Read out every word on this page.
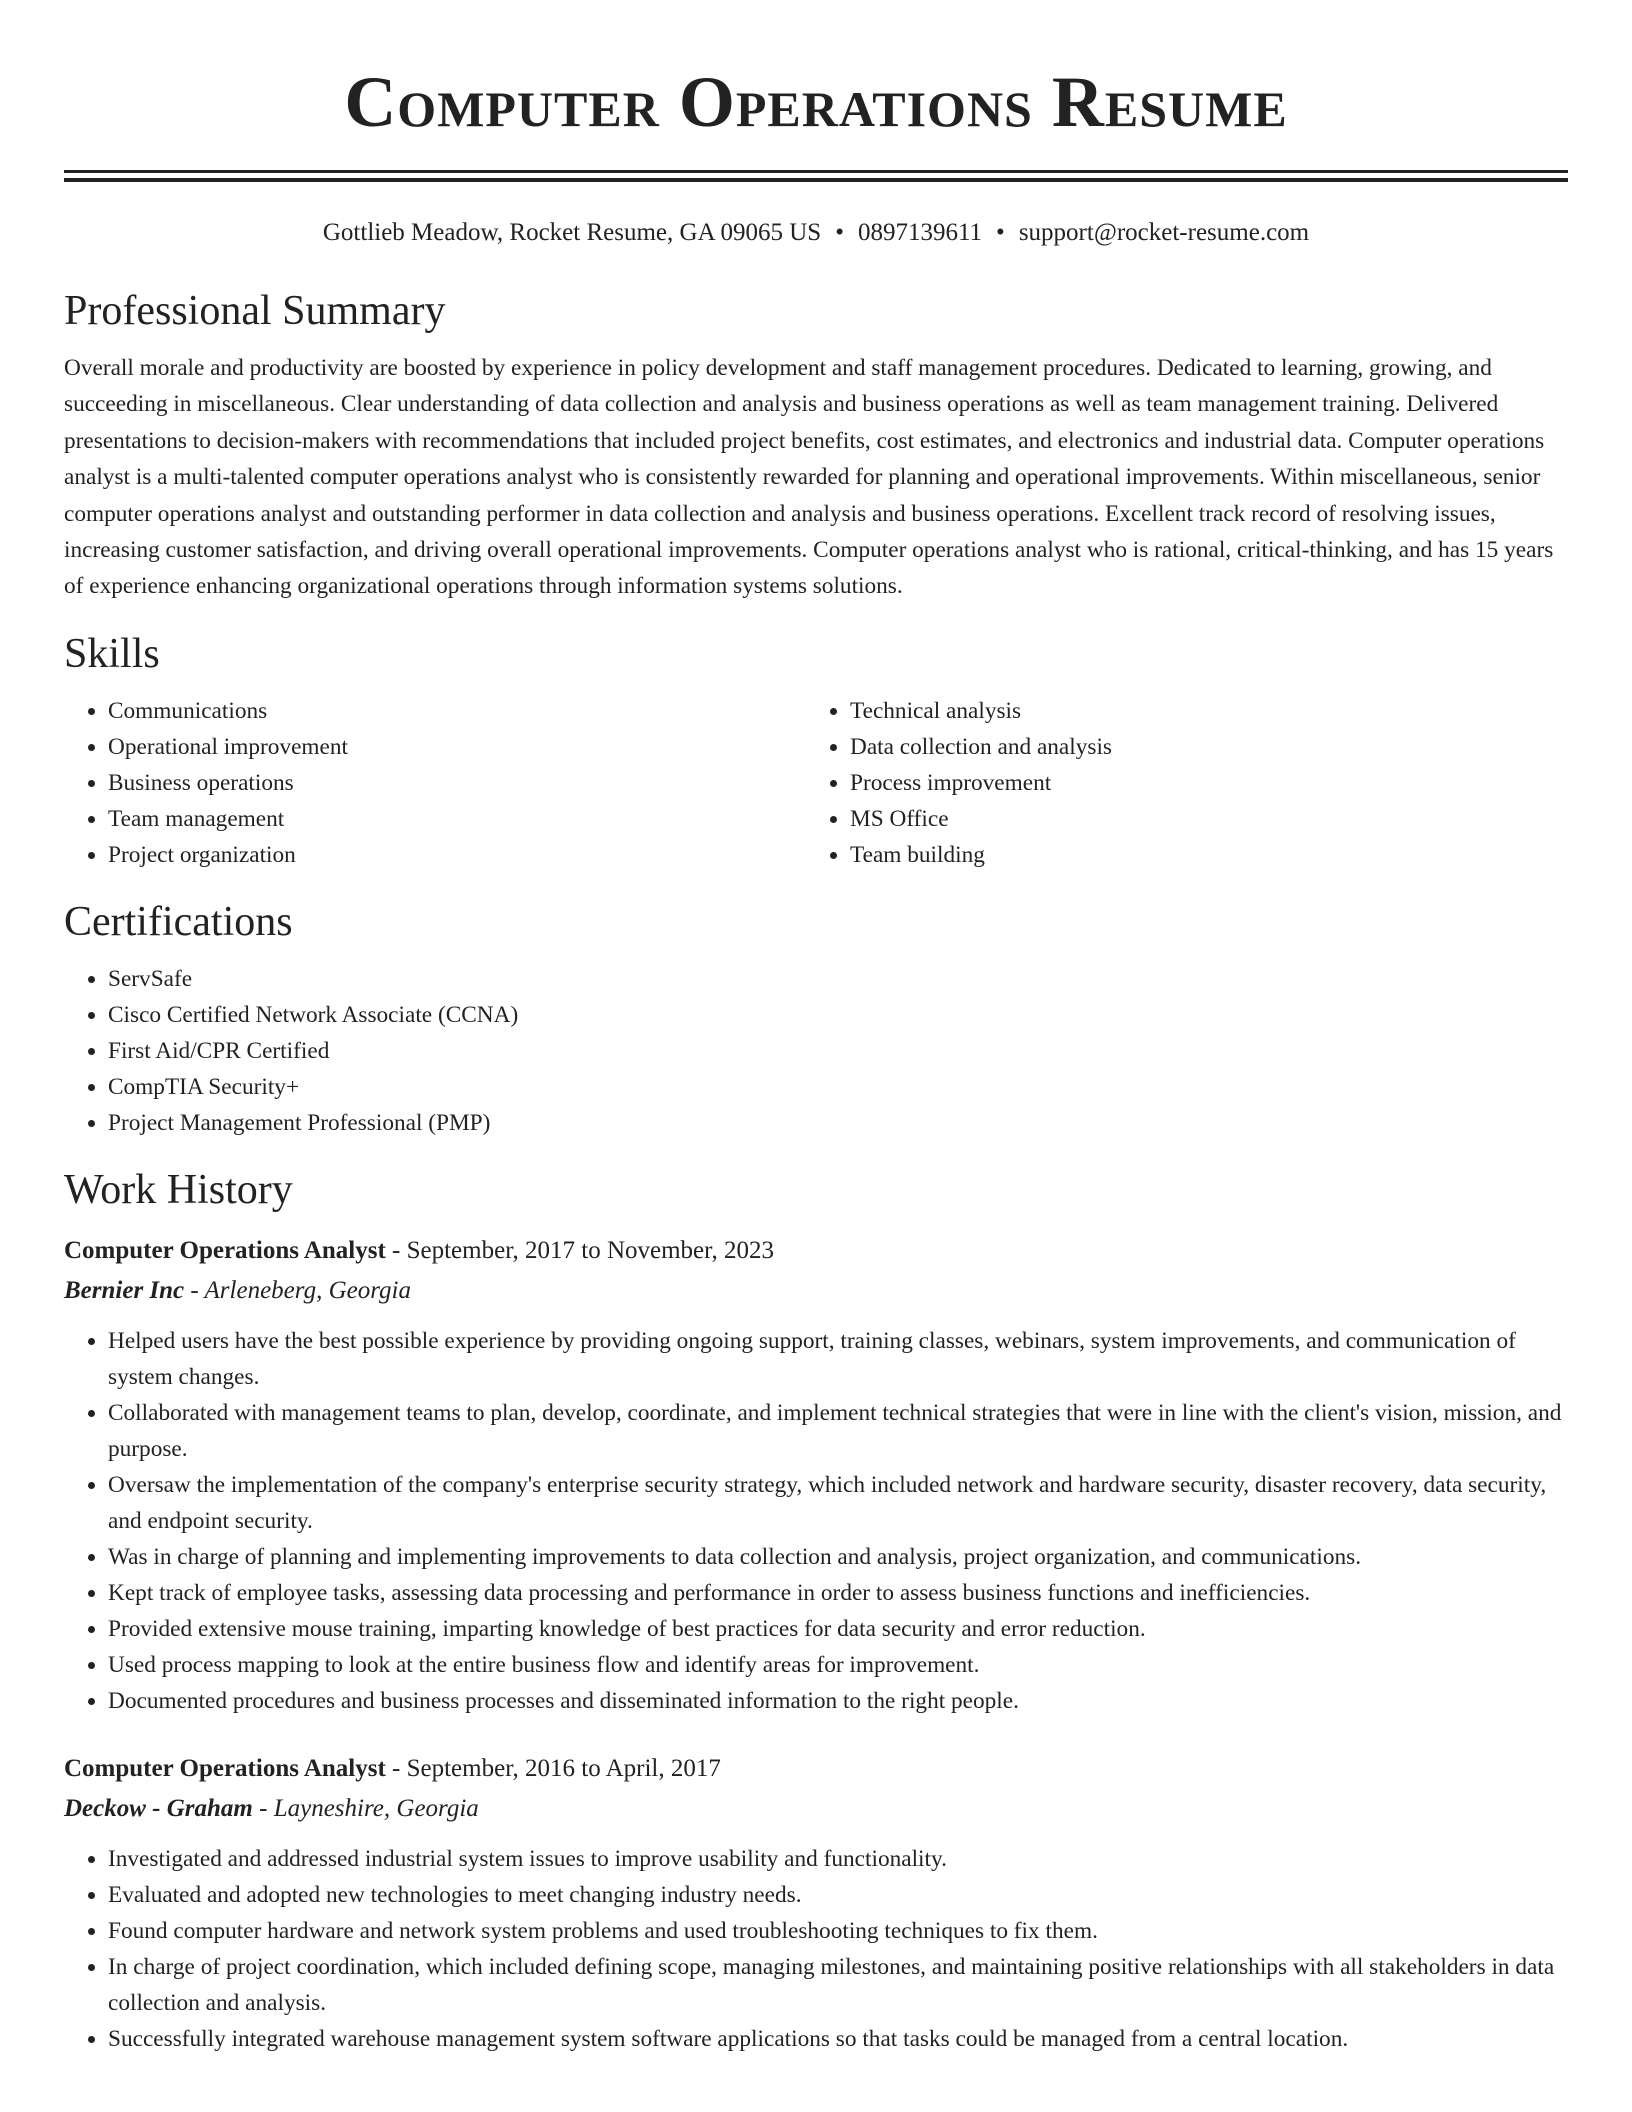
Computer Operations Resume
Gottlieb Meadow, Rocket Resume, GA 09065 US • 0897139611 • support@rocket-resume.com
Professional Summary

Overall morale and productivity are boosted by experience in policy development and staff management procedures. Dedicated to learning, growing, and succeeding in miscellaneous. Clear understanding of data collection and analysis and business operations as well as team management training. Delivered presentations to decision-makers with recommendations that included project benefits, cost estimates, and electronics and industrial data. Computer operations analyst is a multi-talented computer operations analyst who is consistently rewarded for planning and operational improvements. Within miscellaneous, senior computer operations analyst and outstanding performer in data collection and analysis and business operations. Excellent track record of resolving issues, increasing customer satisfaction, and driving overall operational improvements. Computer operations analyst who is rational, critical-thinking, and has 15 years of experience enhancing organizational operations through information systems solutions.

Skills
• Communications
• Operational improvement
• Business operations
• Team management
• Project organization
• Technical analysis
• Data collection and analysis
• Process improvement
• MS Office
• Team building
Certifications
• ServSafe
• Cisco Certified Network Associate (CCNA)
• First Aid/CPR Certified
• CompTIA Security+
• Project Management Professional (PMP)
Work History
Computer Operations Analyst - September, 2017 to November, 2023
Bernier Inc - Arleneberg, Georgia
• Helped users have the best possible experience by providing ongoing support, training classes, webinars, system improvements, and communication of system changes.
• Collaborated with management teams to plan, develop, coordinate, and implement technical strategies that were in line with the client's vision, mission, and purpose.
• Oversaw the implementation of the company's enterprise security strategy, which included network and hardware security, disaster recovery, data security, and endpoint security.
• Was in charge of planning and implementing improvements to data collection and analysis, project organization, and communications.
• Kept track of employee tasks, assessing data processing and performance in order to assess business functions and inefficiencies.
• Provided extensive mouse training, imparting knowledge of best practices for data security and error reduction.
• Used process mapping to look at the entire business flow and identify areas for improvement.
• Documented procedures and business processes and disseminated information to the right people.
Computer Operations Analyst - September, 2016 to April, 2017
Deckow - Graham - Layneshire, Georgia
• Investigated and addressed industrial system issues to improve usability and functionality.
• Evaluated and adopted new technologies to meet changing industry needs.
• Found computer hardware and network system problems and used troubleshooting techniques to fix them.
• In charge of project coordination, which included defining scope, managing milestones, and maintaining positive relationships with all stakeholders in data collection and analysis.
• Successfully integrated warehouse management system software applications so that tasks could be managed from a central location.
